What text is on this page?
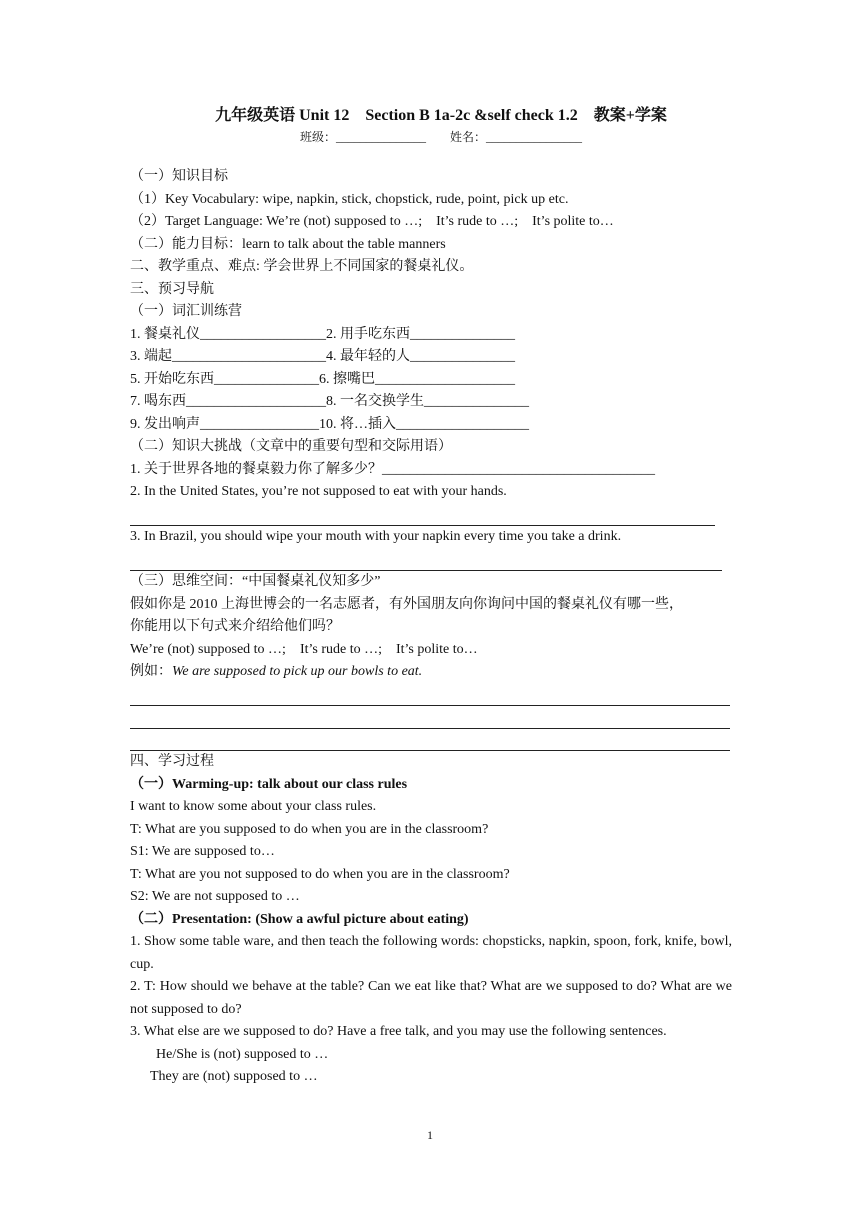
九年级英语 Unit 12　Section B 1a-2c &self check 1.2　教案+学案
班级：_______________ 姓名：________________
（一）知识目标
（1）Key Vocabulary: wipe, napkin, stick, chopstick, rude, point, pick up etc.
（2）Target Language: We’re (not) supposed to …;　It’s rude to …;　It’s polite to…
（二）能力目标：learn to talk about the table manners
二、教学重点、难点: 学会世界上不同国家的餐桌礼仪。
三、预习导航
（一）词汇训练营
1. 餐桌礼仪__________________2. 用手吃东西_______________
3. 端起______________________4. 最年轻的人_______________
5. 开始吃东西_______________6. 擦嘴巴____________________
7. 喝东西____________________8. 一名交换学生_______________
9. 发出响声_________________10. 将…插入___________________
（二）知识大挑战（文章中的重要句型和交际用语）
1. 关于世界各地的餐桌毅力你了解多少？_______________________________________
2. In the United States, you’re not supposed to eat with your hands.
3. In Brazil, you should wipe your mouth with your napkin every time you take a drink.
（三）思维空间：“中国餐桌礼仪知多少”
假如你是 2010 上海世博会的一名志愿者，有外国朋友向你询问中国的餐桌礼仪有哪一些，
你能用以下句式来介绍给他们吗？
We’re (not) supposed to …;　It’s rude to …;　It’s polite to…
例如：We are supposed to pick up our bowls to eat.
四、学习过程
（一）Warming-up: talk about our class rules
I want to know some about your class rules.
T: What are you supposed to do when you are in the classroom?
S1: We are supposed to…
T: What are you not supposed to do when you are in the classroom?
S2: We are not supposed to …
（二）Presentation: (Show a awful picture about eating)
1. Show some table ware, and then teach the following words: chopsticks, napkin, spoon, fork, knife, bowl, cup.
2. T: How should we behave at the table? Can we eat like that? What are we supposed to do? What are we not supposed to do?
3. What else are we supposed to do? Have a free talk, and you may use the following sentences.
He/She is (not) supposed to …
They are (not) supposed to …
1
